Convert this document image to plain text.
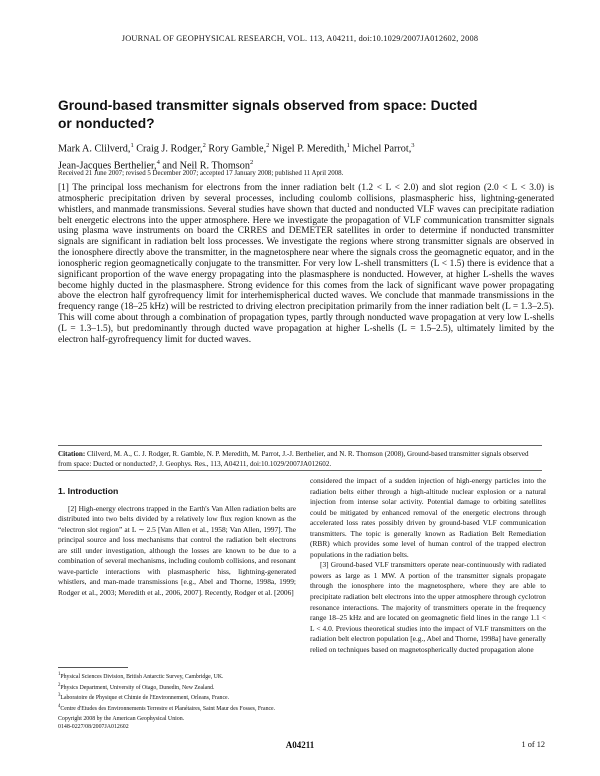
JOURNAL OF GEOPHYSICAL RESEARCH, VOL. 113, A04211, doi:10.1029/2007JA012602, 2008
Ground-based transmitter signals observed from space: Ducted or nonducted?
Mark A. Clilverd,$^1$ Craig J. Rodger,$^2$ Rory Gamble,$^2$ Nigel P. Meredith,$^1$ Michel Parrot,$^3$
Jean-Jacques Berthelier,$^4$ and Neil R. Thomson$^2$
Received 21 June 2007; revised 5 December 2007; accepted 17 January 2008; published 11 April 2008.
[1] The principal loss mechanism for electrons from the inner radiation belt (1.2 < L < 2.0) and slot region (2.0 < L < 3.0) is atmospheric precipitation driven by several processes, including coulomb collisions, plasmaspheric hiss, lightning-generated whistlers, and manmade transmissions. Several studies have shown that ducted and nonducted VLF waves can precipitate radiation belt energetic electrons into the upper atmosphere. Here we investigate the propagation of VLF communication transmitter signals using plasma wave instruments on board the CRRES and DEMETER satellites in order to determine if nonducted transmitter signals are significant in radiation belt loss processes. We investigate the regions where strong transmitter signals are observed in the ionosphere directly above the transmitter, in the magnetosphere near where the signals cross the geomagnetic equator, and in the ionospheric region geomagnetically conjugate to the transmitter. For very low L-shell transmitters (L < 1.5) there is evidence that a significant proportion of the wave energy propagating into the plasmasphere is nonducted. However, at higher L-shells the waves become highly ducted in the plasmasphere. Strong evidence for this comes from the lack of significant wave power propagating above the electron half gyrofrequency limit for interhemispherical ducted waves. We conclude that manmade transmissions in the frequency range (18–25 kHz) will be restricted to driving electron precipitation primarily from the inner radiation belt (L = 1.3–2.5). This will come about through a combination of propagation types, partly through nonducted wave propagation at very low L-shells (L = 1.3–1.5), but predominantly through ducted wave propagation at higher L-shells (L = 1.5–2.5), ultimately limited by the electron half-gyrofrequency limit for ducted waves.
Citation: Clilverd, M. A., C. J. Rodger, R. Gamble, N. P. Meredith, M. Parrot, J.-J. Berthelier, and N. R. Thomson (2008), Ground-based transmitter signals observed from space: Ducted or nonducted?, J. Geophys. Res., 113, A04211, doi:10.1029/2007JA012602.
1. Introduction

[2] High-energy electrons trapped in the Earth's Van Allen radiation belts are distributed into two belts divided by a relatively low flux region known as the “electron slot region” at L ∼ 2.5 [Van Allen et al., 1958; Van Allen, 1997]. The principal source and loss mechanisms that control the radiation belt electrons are still under investigation, although the losses are known to be due to a combination of several mechanisms, including coulomb collisions, and resonant wave-particle interactions with plasmaspheric hiss, lightning-generated whistlers, and man-made transmissions [e.g., Abel and Thorne, 1998a, 1999; Rodger et al., 2003; Meredith et al., 2006, 2007]. Recently, Rodger et al. [2006]

considered the impact of a sudden injection of high-energy particles into the radiation belts either through a high-altitude nuclear explosion or a natural injection from intense solar activity. Potential damage to orbiting satellites could be mitigated by enhanced removal of the energetic electrons through accelerated loss rates possibly driven by ground-based VLF communication transmitters. The topic is generally known as Radiation Belt Remediation (RBR) which provides some level of human control of the trapped electron populations in the radiation belts.

[3] Ground-based VLF transmitters operate near-continuously with radiated powers as large as 1 MW. A portion of the transmitter signals propagate through the ionosphere into the magnetosphere, where they are able to precipitate radiation belt electrons into the upper atmosphere through cyclotron resonance interactions. The majority of transmitters operate in the frequency range 18–25 kHz and are located on geomagnetic field lines in the range 1.1 < L < 4.0. Previous theoretical studies into the impact of VLF transmitters on the radiation belt electron population [e.g., Abel and Thorne, 1998a] have generally relied on techniques based on magnetospherically ducted propagation alone

$^1$Physical Sciences Division, British Antarctic Survey, Cambridge, UK.
$^2$Physics Department, University of Otago, Dunedin, New Zealand.
$^3$Laboratoire de Physique et Chimie de l'Environnement, Orleans, France.
$^4$Centre d'Etudes des Environnements Terrestre et Planétaires, Saint Maur des Fosses, France.
Copyright 2008 by the American Geophysical Union.
0148-0227/08/2007JA012602
A04211	1 of 12
